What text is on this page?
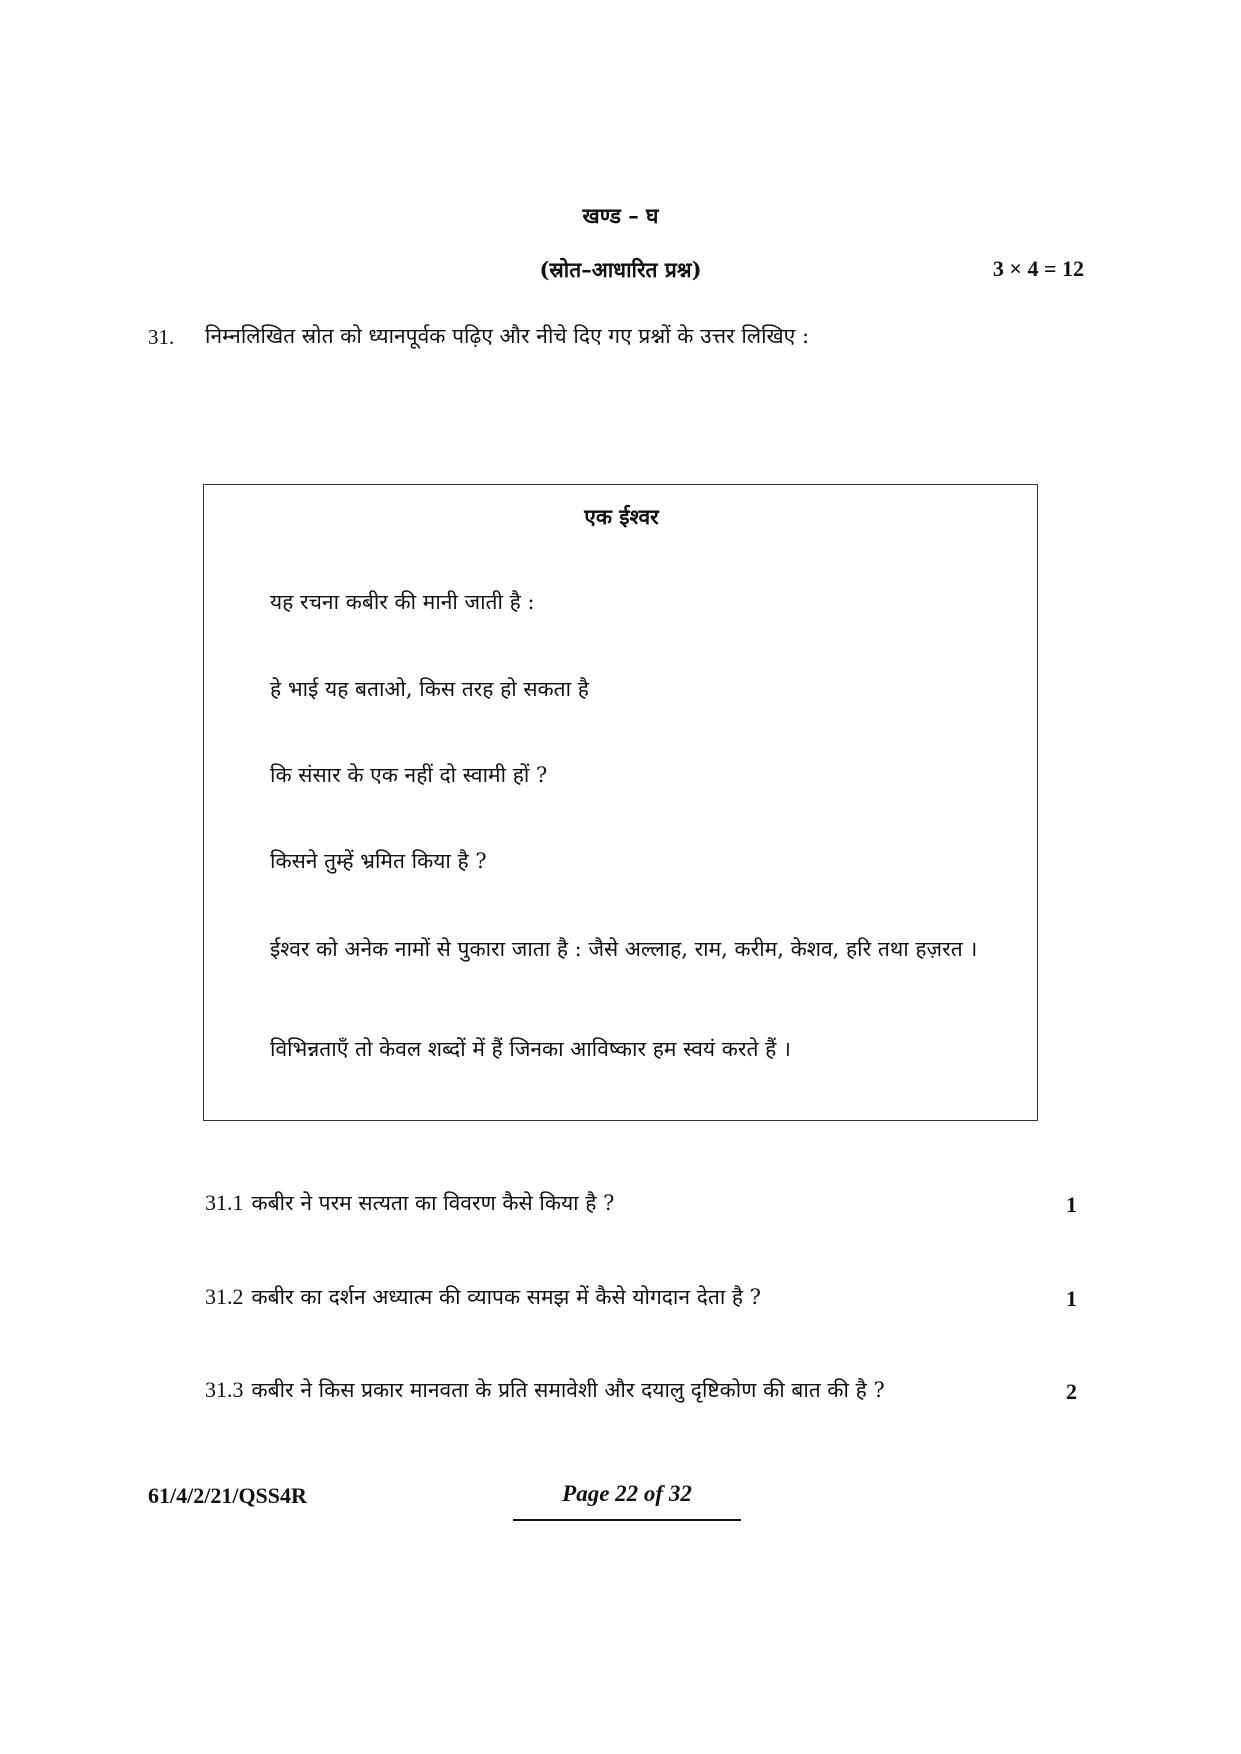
खण्ड – घ
(स्रोत–आधारित प्रश्न)	3 × 4 = 12
31. निम्नलिखित स्रोत को ध्यानपूर्वक पढ़िए और नीचे दिए गए प्रश्नों के उत्तर लिखिए :
एक ईश्वर
यह रचना कबीर की मानी जाती है :
हे भाई यह बताओ, किस तरह हो सकता है
कि संसार के एक नहीं दो स्वामी हों ?
किसने तुम्हें भ्रमित किया है ?
ईश्वर को अनेक नामों से पुकारा जाता है : जैसे अल्लाह, राम, करीम, केशव, हरि तथा हज़रत ।
विभिन्नताएँ तो केवल शब्दों में हैं जिनका आविष्कार हम स्वयं करते हैं ।
31.1 कबीर ने परम सत्यता का विवरण कैसे किया है ?	1
31.2 कबीर का दर्शन अध्यात्म की व्यापक समझ में कैसे योगदान देता है ?	1
31.3 कबीर ने किस प्रकार मानवता के प्रति समावेशी और दयालु दृष्टिकोण की बात की है ?	2
61/4/2/21/QSS4R	Page 22 of 32
